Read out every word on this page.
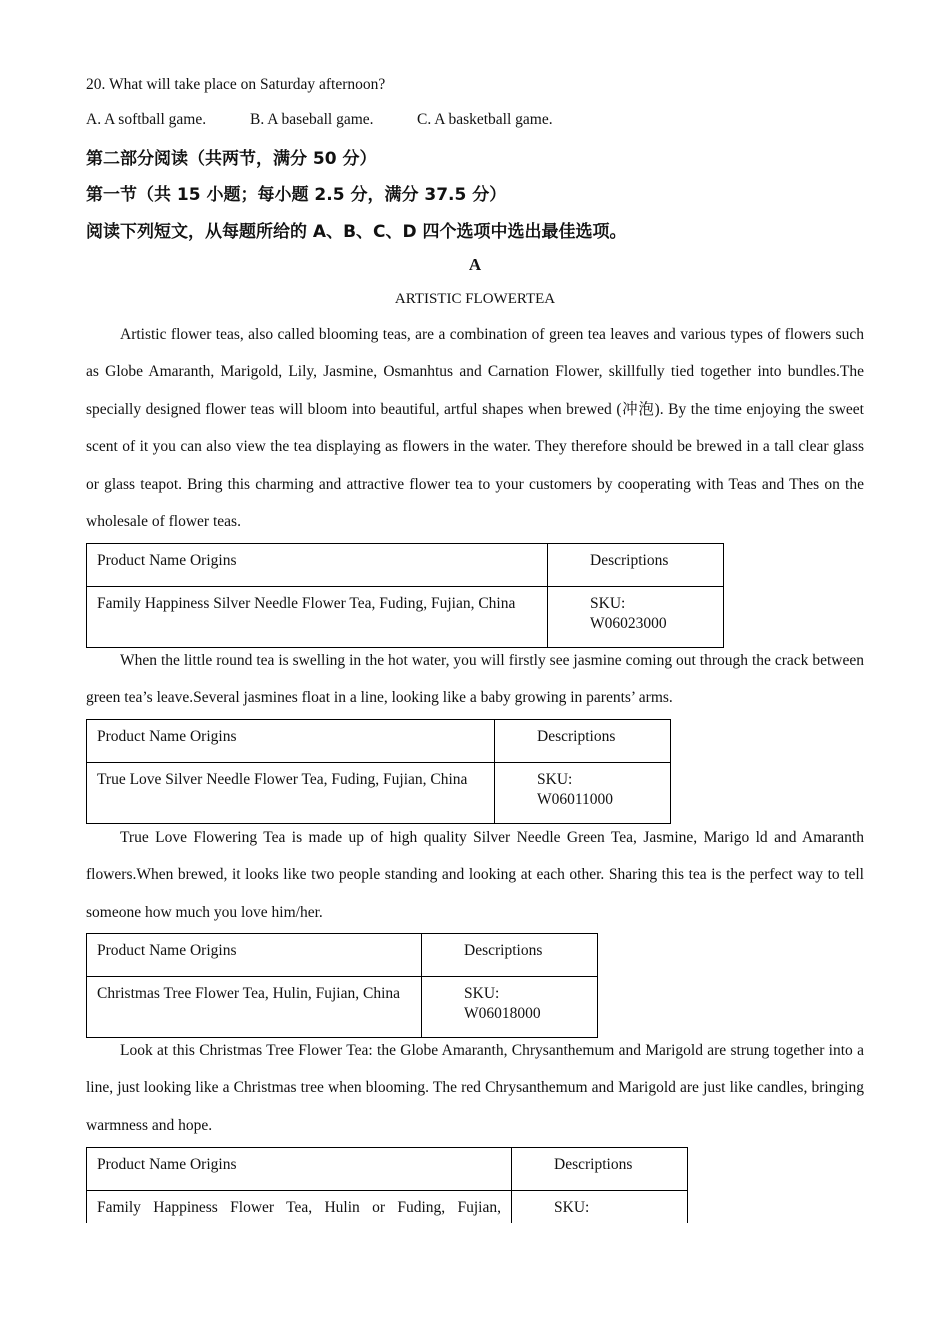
20. What will take place on Saturday afternoon?
A. A softball game.	B. A baseball game.	C. A basketball game.
第二部分阅读（共两节，满分 50 分）
第一节（共 15 小题；每小题 2.5 分，满分 37.5 分）
阅读下列短文，从每题所给的 A、B、C、D 四个选项中选出最佳选项。
A
ARTISTIC FLOWERTEA

Artistic flower teas, also called blooming teas, are a combination of green tea leaves and various types of flowers such as Globe Amaranth, Marigold, Lily, Jasmine, Osmanhtus and Carnation Flower, skillfully tied together into bundles.The specially designed flower teas will bloom into beautiful, artful shapes when brewed (冲泡). By the time enjoying the sweet scent of it you can also view the tea displaying as flowers in the water. They therefore should be brewed in a tall clear glass or glass teapot. Bring this charming and attractive flower tea to your customers by cooperating with Teas and Thes on the wholesale of flower teas.

Product Name Origins	Descriptions
Family Happiness Silver Needle Flower Tea, Fuding, Fujian, China	SKU:
W06023000

When the little round tea is swelling in the hot water, you will firstly see jasmine coming out through the crack between green tea’s leave.Several jasmines float in a line, looking like a baby growing in parents’ arms.

Product Name Origins	Descriptions
True Love Silver Needle Flower Tea, Fuding, Fujian, China	SKU:
W06011000

True Love Flowering Tea is made up of high quality Silver Needle Green Tea, Jasmine, Marigo ld and Amaranth flowers.When brewed, it looks like two people standing and looking at each other. Sharing this tea is the perfect way to tell someone how much you love him/her.

Product Name Origins	Descriptions
Christmas Tree Flower Tea, Hulin, Fujian, China	SKU:
W06018000

Look at this Christmas Tree Flower Tea: the Globe Amaranth, Chrysanthemum and Marigold are strung together into a line, just looking like a Christmas tree when blooming. The red Chrysanthemum and Marigold are just like candles, bringing warmness and hope.

Product Name Origins	Descriptions
Family Happiness Flower Tea, Hulin or Fuding, Fujian,	SKU:
